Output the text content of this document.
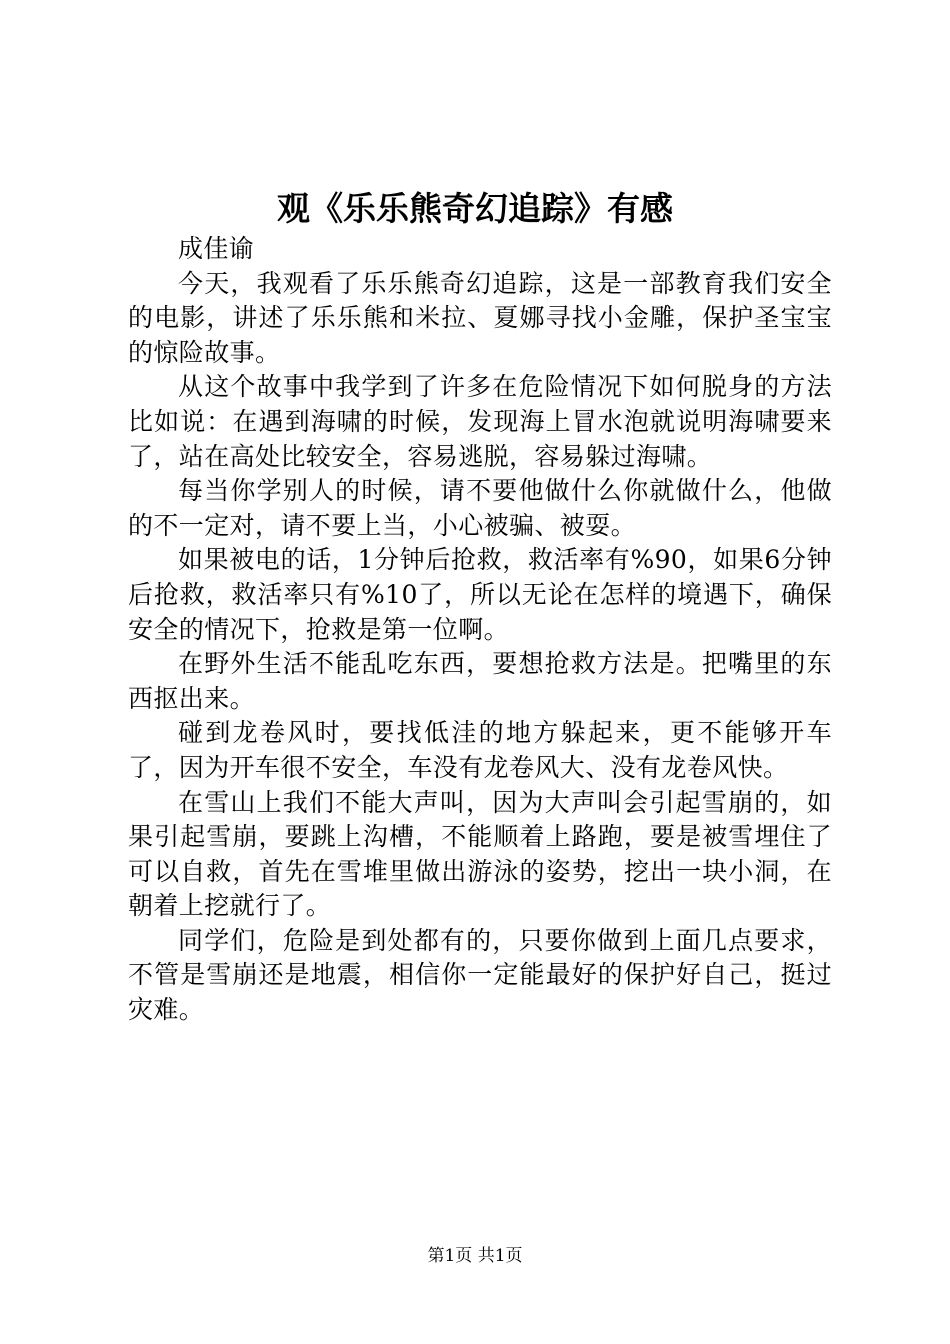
观《乐乐熊奇幻追踪》有感

成佳谕

今天，我观看了乐乐熊奇幻追踪，这是一部教育我们安全的电影，讲述了乐乐熊和米拉、夏娜寻找小金雕，保护圣宝宝的惊险故事。

从这个故事中我学到了许多在危险情况下如何脱身的方法比如说：在遇到海啸的时候，发现海上冒水泡就说明海啸要来了，站在高处比较安全，容易逃脱，容易躲过海啸。

每当你学别人的时候，请不要他做什么你就做什么，他做的不一定对，请不要上当，小心被骗、被耍。

如果被电的话，1分钟后抢救，救活率有%90，如果6分钟后抢救，救活率只有%10了，所以无论在怎样的境遇下，确保安全的情况下，抢救是第一位啊。

在野外生活不能乱吃东西，要想抢救方法是。把嘴里的东西抠出来。

碰到龙卷风时，要找低洼的地方躲起来，更不能够开车了，因为开车很不安全，车没有龙卷风大、没有龙卷风快。

在雪山上我们不能大声叫，因为大声叫会引起雪崩的，如果引起雪崩，要跳上沟槽，不能顺着上路跑，要是被雪埋住了可以自救，首先在雪堆里做出游泳的姿势，挖出一块小洞，在朝着上挖就行了。

同学们，危险是到处都有的，只要你做到上面几点要求，不管是雪崩还是地震，相信你一定能最好的保护好自己，挺过灾难。

第1页 共1页
